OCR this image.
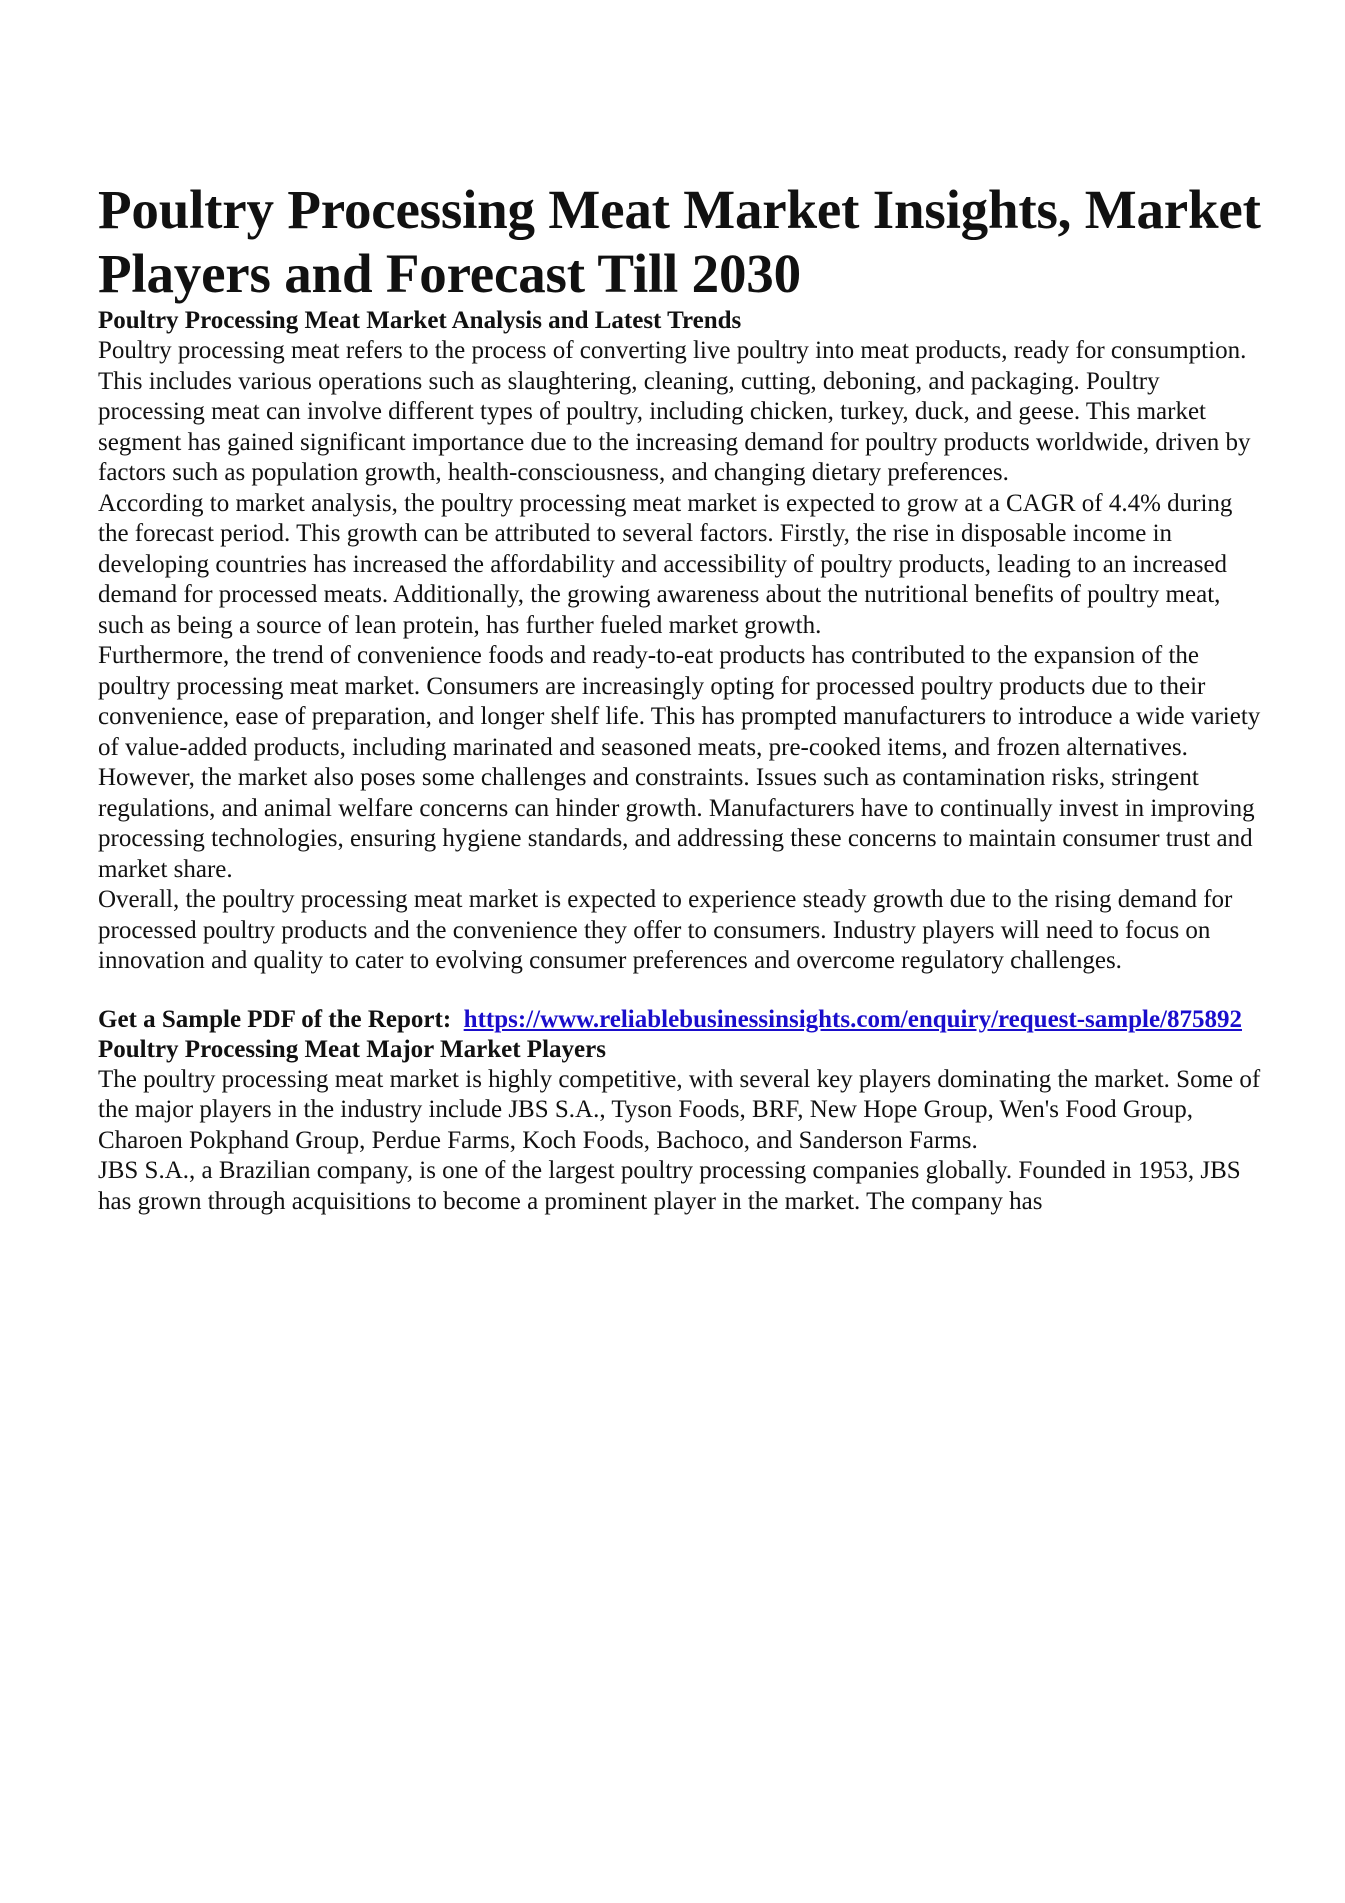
Poultry Processing Meat Market Insights, Market Players and Forecast Till 2030
Poultry Processing Meat Market Analysis and Latest Trends

Poultry processing meat refers to the process of converting live poultry into meat products, ready for consumption. This includes various operations such as slaughtering, cleaning, cutting, deboning, and packaging. Poultry processing meat can involve different types of poultry, including chicken, turkey, duck, and geese. This market segment has gained significant importance due to the increasing demand for poultry products worldwide, driven by factors such as population growth, health-consciousness, and changing dietary preferences.

According to market analysis, the poultry processing meat market is expected to grow at a CAGR of 4.4% during the forecast period. This growth can be attributed to several factors. Firstly, the rise in disposable income in developing countries has increased the affordability and accessibility of poultry products, leading to an increased demand for processed meats. Additionally, the growing awareness about the nutritional benefits of poultry meat, such as being a source of lean protein, has further fueled market growth.

Furthermore, the trend of convenience foods and ready-to-eat products has contributed to the expansion of the poultry processing meat market. Consumers are increasingly opting for processed poultry products due to their convenience, ease of preparation, and longer shelf life. This has prompted manufacturers to introduce a wide variety of value-added products, including marinated and seasoned meats, pre-cooked items, and frozen alternatives.

However, the market also poses some challenges and constraints. Issues such as contamination risks, stringent regulations, and animal welfare concerns can hinder growth. Manufacturers have to continually invest in improving processing technologies, ensuring hygiene standards, and addressing these concerns to maintain consumer trust and market share.

Overall, the poultry processing meat market is expected to experience steady growth due to the rising demand for processed poultry products and the convenience they offer to consumers. Industry players will need to focus on innovation and quality to cater to evolving consumer preferences and overcome regulatory challenges.

Get a Sample PDF of the Report: https://www.reliablebusinessinsights.com/enquiry/request-sample/875892
Poultry Processing Meat Major Market Players

The poultry processing meat market is highly competitive, with several key players dominating the market. Some of the major players in the industry include JBS S.A., Tyson Foods, BRF, New Hope Group, Wen's Food Group, Charoen Pokphand Group, Perdue Farms, Koch Foods, Bachoco, and Sanderson Farms.

JBS S.A., a Brazilian company, is one of the largest poultry processing companies globally. Founded in 1953, JBS has grown through acquisitions to become a prominent player in the market. The company has
